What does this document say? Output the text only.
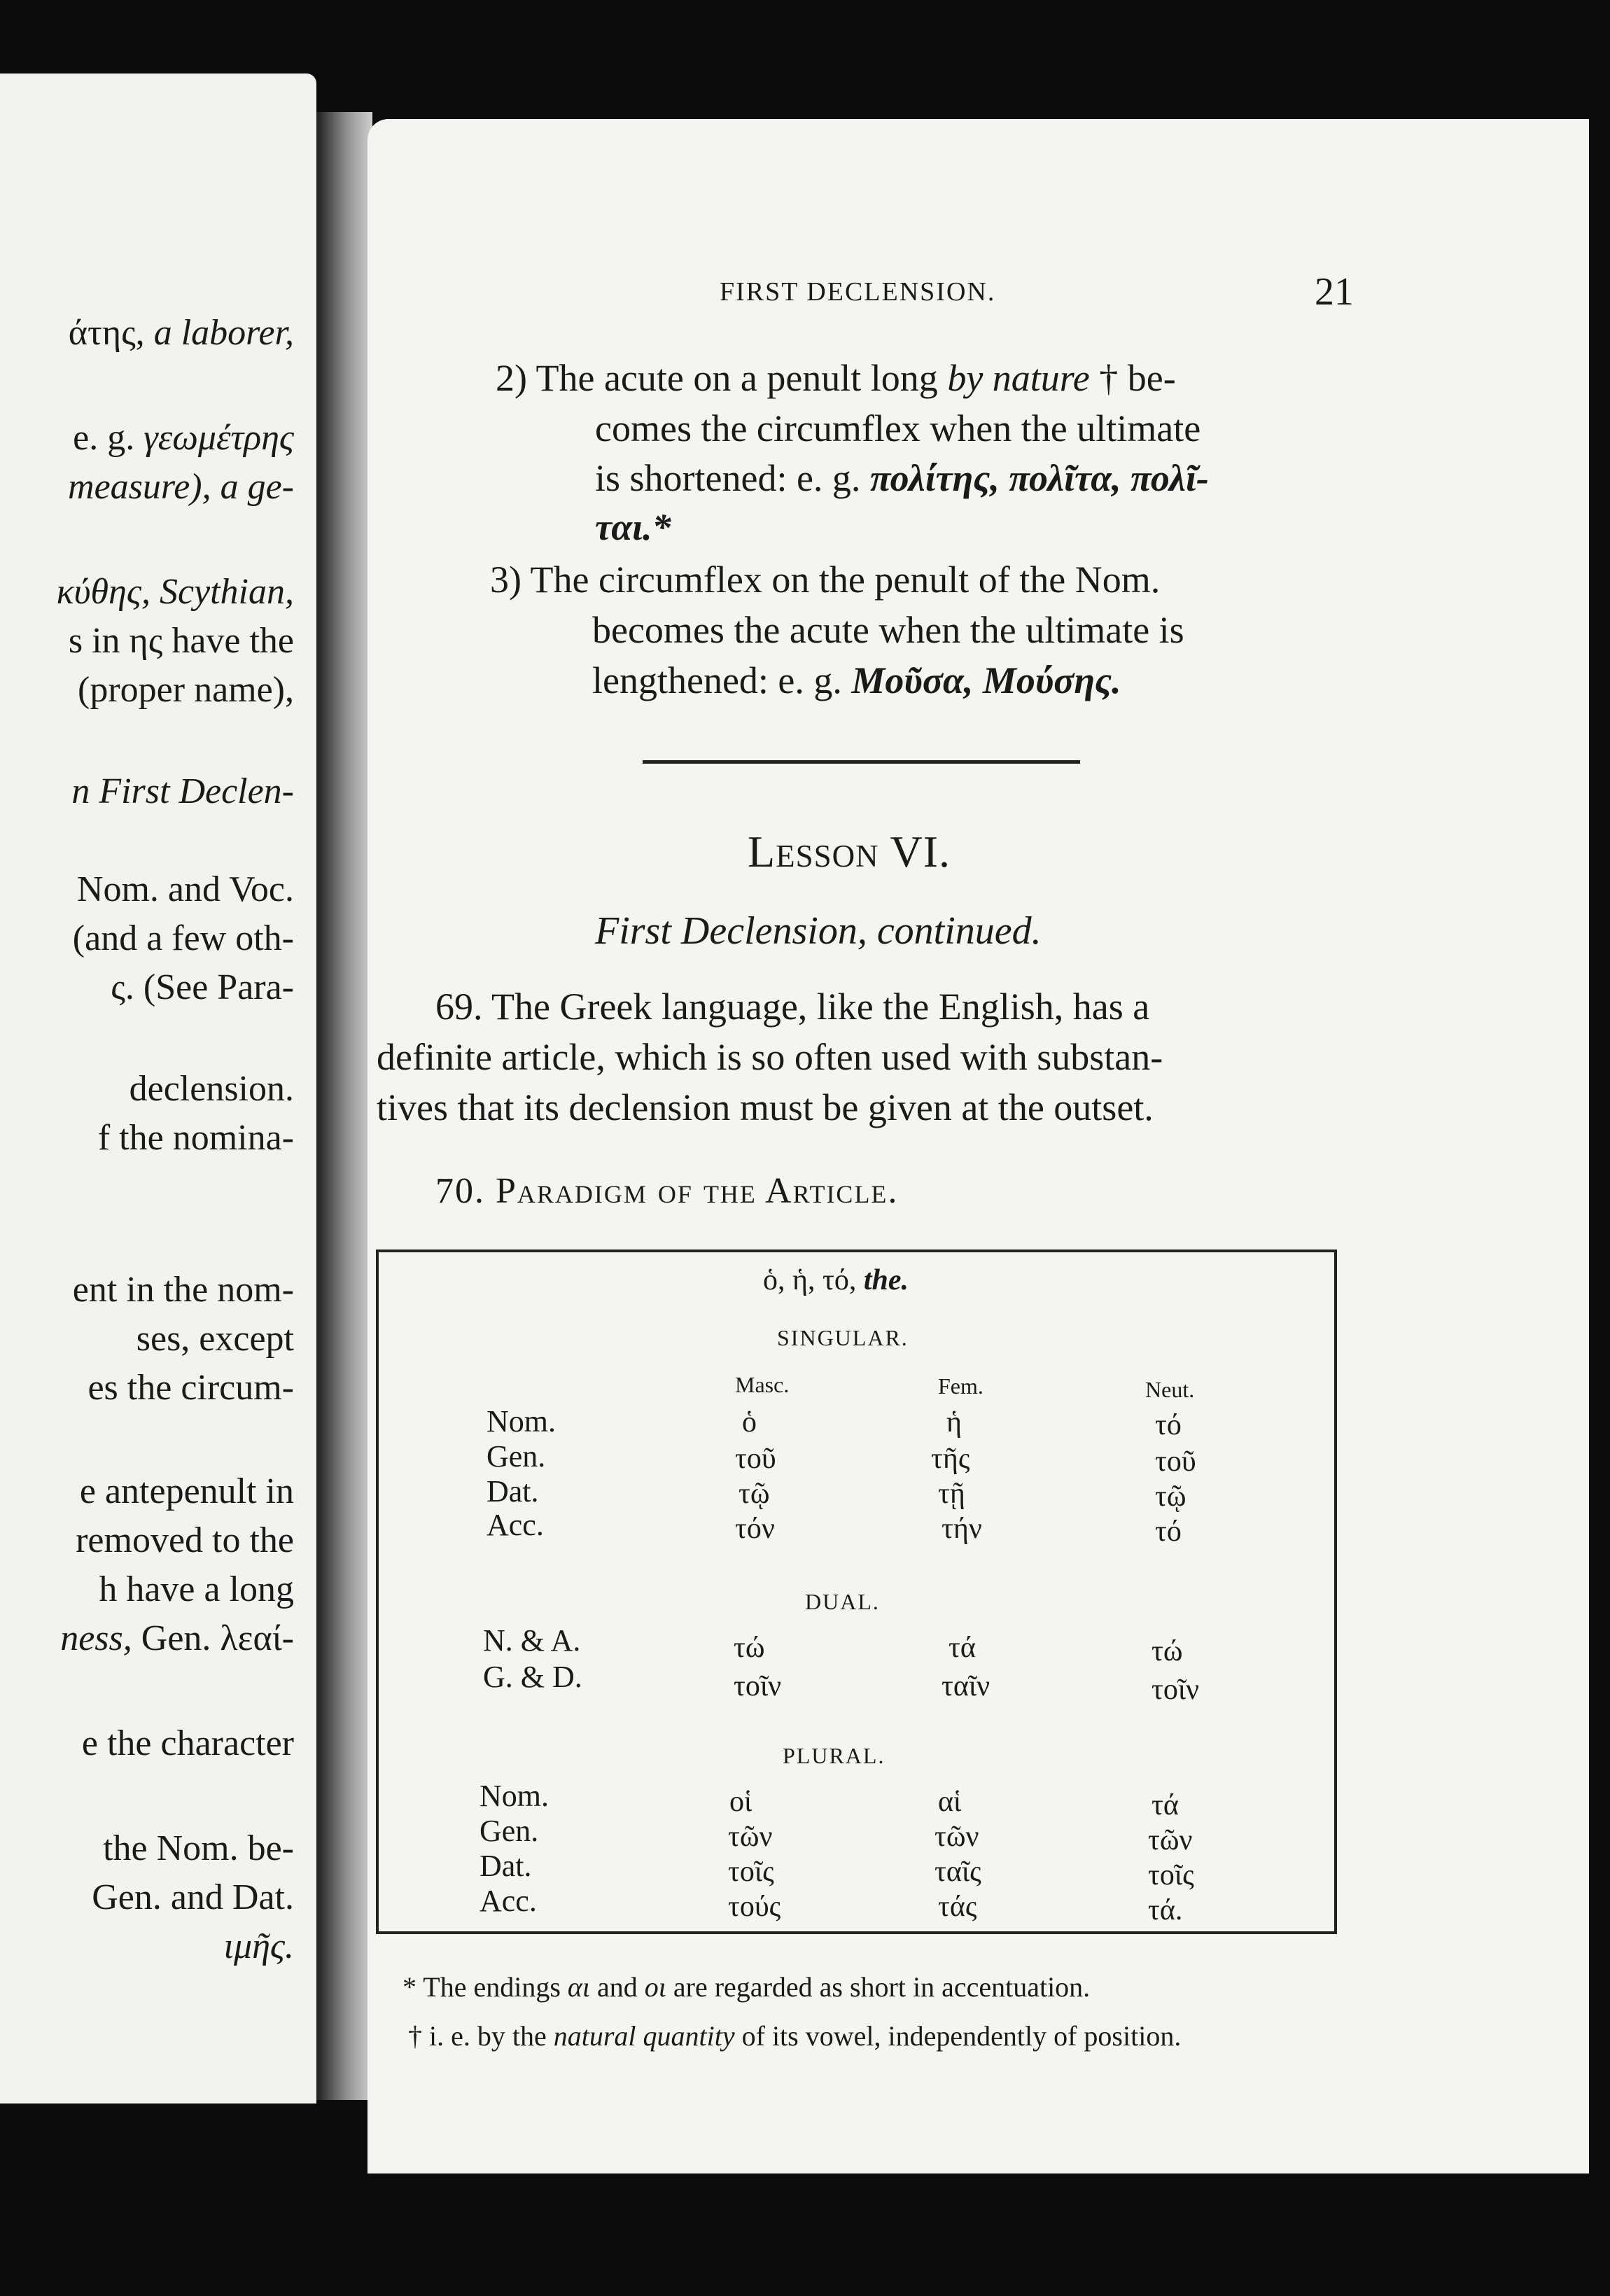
άτης, a laborer,
e. g. γεωμέτρης
measure), a ge-
κύθης, Scythian,
s in ης have the
(proper name),
n First Declen-
Nom. and Voc.
(and a few oth-
ς. (See Para-
declension.
f the nomina-
ent in the nom-
ses, except
es the circum-
e antepenult in
removed to the
h have a long
ness, Gen. λεαί-
e the character
the Nom. be-
Gen. and Dat.
ιμῆς.
FIRST DECLENSION.	21
2) The acute on a penult long by nature † be-
comes the circumflex when the ultimate
is shortened: e. g. πολίτης, πολῖτα, πολῖ-
ται.*
3) The circumflex on the penult of the Nom.
becomes the acute when the ultimate is
lengthened: e. g. Μοῦσα, Μούσης.
Lesson VI.
First Declension, continued.
69. The Greek language, like the English, has a
definite article, which is so often used with substan-
tives that its declension must be given at the outset.
70. Paradigm of the Article.
ὁ, ἡ, τό, the.
SINGULAR.
Masc.	Fem.	Neut.
Nom.	ὁ	ἡ	τό
Gen.	τοῦ	τῆς	τοῦ
Dat.	τῷ	τῇ	τῷ
Acc.	τόν	τήν	τό
DUAL.
N. & A.	τώ	τά	τώ
G. & D.	τοῖν	ταῖν	τοῖν
PLURAL.
Nom.	οἱ	αἱ	τά
Gen.	τῶν	τῶν	τῶν
Dat.	τοῖς	ταῖς	τοῖς
Acc.	τούς	τάς	τά.
* The endings αι and οι are regarded as short in accentuation.
† i. e. by the natural quantity of its vowel, independently of position.
